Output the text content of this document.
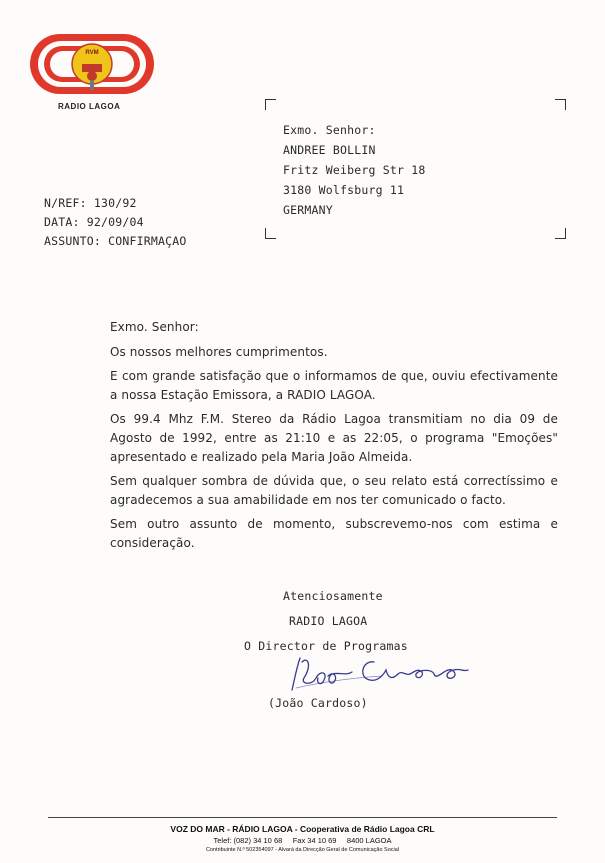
RVM
RADIO LAGOA
Exmo. Senhor:
ANDREE BOLLIN
Fritz Weiberg Str 18
3180 Wolfsburg 11
GERMANY
N/REF: 130/92
DATA: 92/09/04
ASSUNTO: CONFIRMAÇAO

Exmo. Senhor:

Os nossos melhores cumprimentos.

E com grande satisfação que o informamos de que, ouviu efectivamente a nossa Estação Emissora, a RADIO LAGOA.

Os 99.4 Mhz F.M. Stereo da Rádio Lagoa transmitiam no dia 09 de Agosto de 1992, entre as 21:10 e as 22:05, o programa "Emoções" apresentado e realizado pela Maria João Almeida.

Sem qualquer sombra de dúvida que, o seu relato está correctíssimo e agradecemos a sua amabilidade em nos ter comunicado o facto.

Sem outro assunto de momento, subscrevemo-nos com estima e consideração.

Atenciosamente
RADIO LAGOA
O Director de Programas
(João Cardoso)
VOZ DO MAR - RÁDIO LAGOA - Cooperativa de Rádio Lagoa CRL
Telef: (082) 34 10 68     Fax 34 10 69     8400 LAGOA
Contribuinte N.º 502354097 - Alvará da Direcção Geral de Comunicação Social
